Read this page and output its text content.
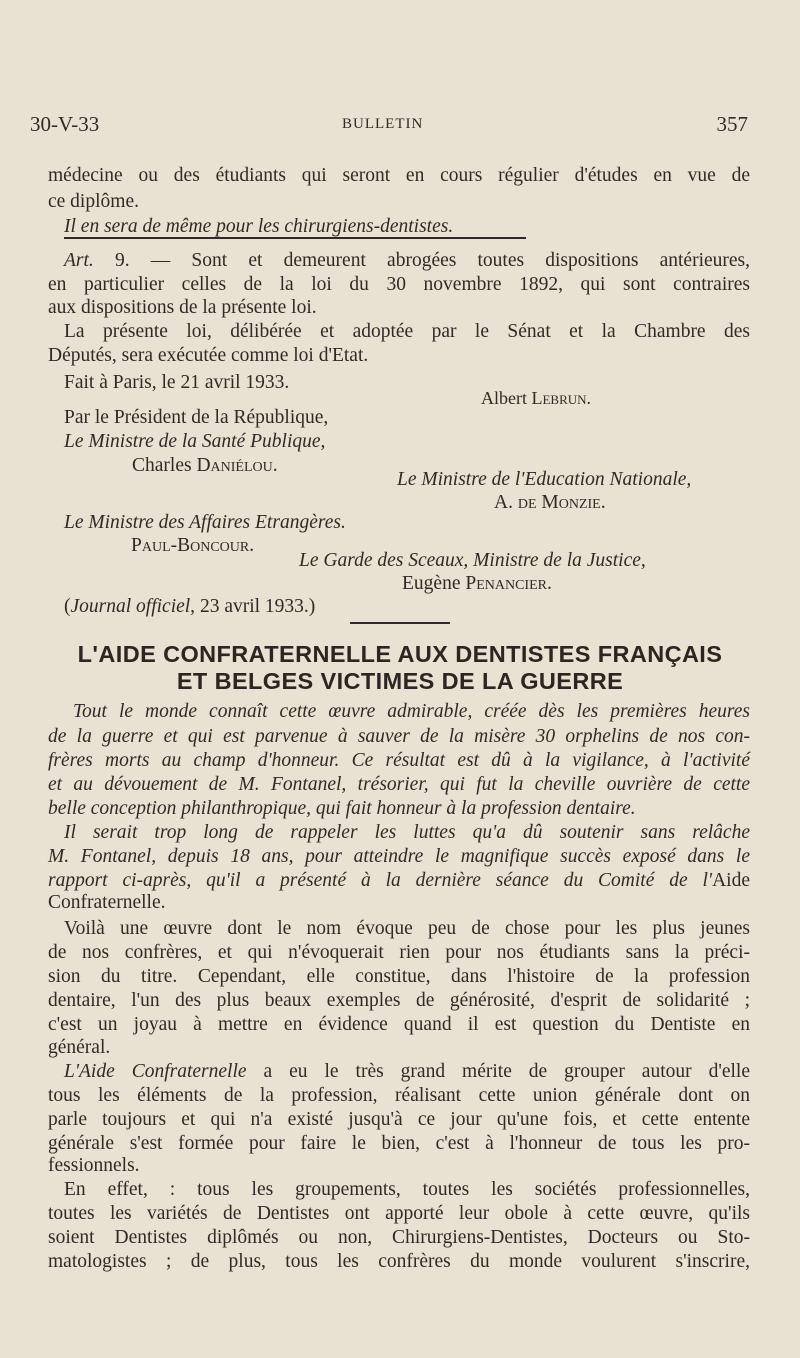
30-V-33	BULLETIN	357
médecine ou des étudiants qui seront en cours régulier d'études en vue de
ce diplôme.
Il en sera de même pour les chirurgiens-dentistes.
Art. 9. — Sont et demeurent abrogées toutes dispositions antérieures,
en particulier celles de la loi du 30 novembre 1892, qui sont contraires
aux dispositions de la présente loi.
La présente loi, délibérée et adoptée par le Sénat et la Chambre des
Députés, sera exécutée comme loi d'Etat.
Fait à Paris, le 21 avril 1933.
Albert Lebrun.
Par le Président de la République,
Le Ministre de la Santé Publique,
Charles Daniélou.
Le Ministre de l'Education Nationale,
A. de Monzie.
Le Ministre des Affaires Etrangères.
Paul-Boncour.
Le Garde des Sceaux, Ministre de la Justice,
Eugène Penancier.
(Journal officiel, 23 avril 1933.)
L'AIDE CONFRATERNELLE AUX DENTISTES FRANÇAIS
ET BELGES VICTIMES DE LA GUERRE
Tout le monde connaît cette œuvre admirable, créée dès les premières heures
de la guerre et qui est parvenue à sauver de la misère 30 orphelins de nos con-
frères morts au champ d'honneur. Ce résultat est dû à la vigilance, à l'activité
et au dévouement de M. Fontanel, trésorier, qui fut la cheville ouvrière de cette
belle conception philanthropique, qui fait honneur à la profession dentaire.
Il serait trop long de rappeler les luttes qu'a dû soutenir sans relâche
M. Fontanel, depuis 18 ans, pour atteindre le magnifique succès exposé dans le
rapport ci-après, qu'il a présenté à la dernière séance du Comité de l'Aide
Confraternelle.
Voilà une œuvre dont le nom évoque peu de chose pour les plus jeunes
de nos confrères, et qui n'évoquerait rien pour nos étudiants sans la préci-
sion du titre. Cependant, elle constitue, dans l'histoire de la profession
dentaire, l'un des plus beaux exemples de générosité, d'esprit de solidarité ;
c'est un joyau à mettre en évidence quand il est question du Dentiste en
général.
L'Aide Confraternelle a eu le très grand mérite de grouper autour d'elle
tous les éléments de la profession, réalisant cette union générale dont on
parle toujours et qui n'a existé jusqu'à ce jour qu'une fois, et cette entente
générale s'est formée pour faire le bien, c'est à l'honneur de tous les pro-
fessionnels.
En effet, : tous les groupements, toutes les sociétés professionnelles,
toutes les variétés de Dentistes ont apporté leur obole à cette œuvre, qu'ils
soient Dentistes diplômés ou non, Chirurgiens-Dentistes, Docteurs ou Sto-
matologistes ; de plus, tous les confrères du monde voulurent s'inscrire,
